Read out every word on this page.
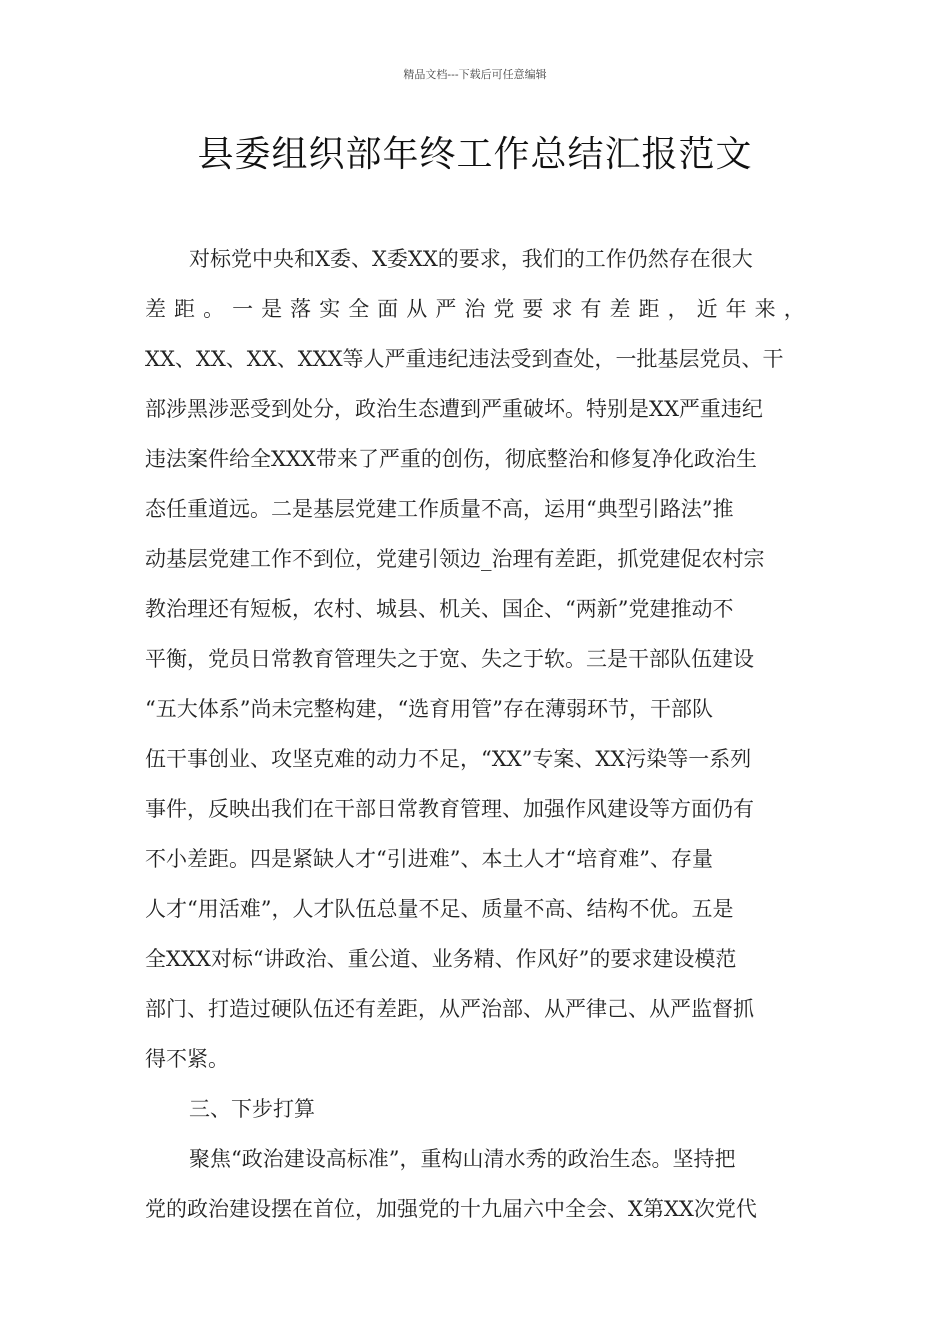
精品文档---下载后可任意编辑
县委组织部年终工作总结汇报范文

对标党中央和X委、X委XX的要求，我们的工作仍然存在很大
差 距 。 一 是 落 实 全 面 从 严 治 党 要 求 有 差 距 ， 近 年 来 ，
XX、XX、XX、XXX等人严重违纪违法受到查处，一批基层党员、干
部涉黑涉恶受到处分，政治生态遭到严重破坏。特别是XX严重违纪
违法案件给全XXX带来了严重的创伤，彻底整治和修复净化政治生
态任重道远。二是基层党建工作质量不高，运用“典型引路法”推
动基层党建工作不到位，党建引领边_治理有差距，抓党建促农村宗
教治理还有短板，农村、城县、机关、国企、“两新”党建推动不
平衡，党员日常教育管理失之于宽、失之于软。三是干部队伍建设
“五大体系”尚未完整构建，“选育用管”存在薄弱环节，干部队
伍干事创业、攻坚克难的动力不足，“XX”专案、XX污染等一系列
事件，反映出我们在干部日常教育管理、加强作风建设等方面仍有
不小差距。四是紧缺人才“引进难”、本土人才“培育难”、存量
人才“用活难”，人才队伍总量不足、质量不高、结构不优。五是
全XXX对标“讲政治、重公道、业务精、作风好”的要求建设模范
部门、打造过硬队伍还有差距，从严治部、从严律己、从严监督抓
得不紧。

三、下步打算

聚焦“政治建设高标准”，重构山清水秀的政治生态。坚持把
党的政治建设摆在首位，加强党的十九届六中全会、X第XX次党代
